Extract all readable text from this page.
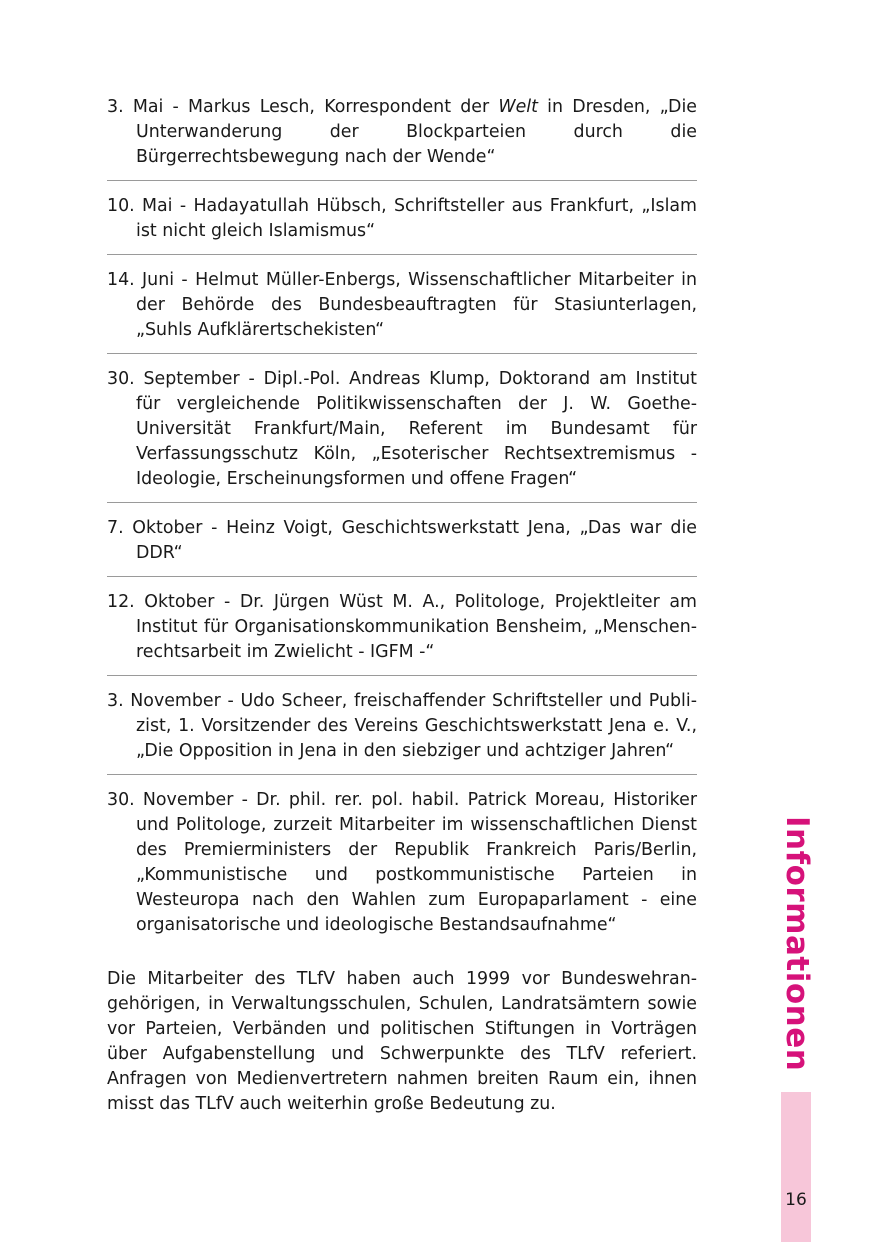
3. Mai - Markus Lesch, Korrespondent der Welt in Dresden, „Die Unterwanderung der Blockparteien durch die Bürgerrechtsbewegung nach der Wende“
10. Mai - Hadayatullah Hübsch, Schriftsteller aus Frankfurt, „Islam ist nicht gleich Islamismus“
14. Juni - Helmut Müller-Enbergs, Wissenschaftlicher Mitarbeiter in der Behörde des Bundesbeauftragten für Stasiunterlagen, „Suhls Aufklärertschekisten“
30. September - Dipl.-Pol. Andreas Klump, Doktorand am Institut für vergleichende Politikwissenschaften der J. W. Goethe-Universität Frankfurt/Main, Referent im Bundesamt für Verfassungsschutz Köln, „Esoterischer Rechtsextremismus - Ideologie, Erscheinungsformen und offene Fragen“
7. Oktober - Heinz Voigt, Geschichtswerkstatt Jena, „Das war die DDR“
12. Oktober - Dr. Jürgen Wüst M. A., Politologe, Projektleiter am Institut für Organisationskommunikation Bensheim, „Menschenrechtsarbeit im Zwielicht - IGFM -“
3. November - Udo Scheer, freischaffender Schriftsteller und Publizist, 1. Vorsitzender des Vereins Geschichtswerkstatt Jena e. V., „Die Opposition in Jena in den siebziger und achtziger Jahren“
30. November - Dr. phil. rer. pol. habil. Patrick Moreau, Historiker und Politologe, zurzeit Mitarbeiter im wissenschaftlichen Dienst des Premierministers der Republik Frankreich Paris/Berlin, „Kommunistische und postkommunistische Parteien in Westeuropa nach den Wahlen zum Europaparlament - eine organisatorische und ideologische Bestandsaufnahme“

Die Mitarbeiter des TLfV haben auch 1999 vor Bundeswehrangehörigen, in Verwaltungsschulen, Schulen, Landratsämtern sowie vor Parteien, Verbänden und politischen Stiftungen in Vorträgen über Aufgabenstellung und Schwerpunkte des TLfV referiert. Anfragen von Medienvertretern nahmen breiten Raum ein, ihnen misst das TLfV auch weiterhin große Bedeutung zu.

Informationen
16
